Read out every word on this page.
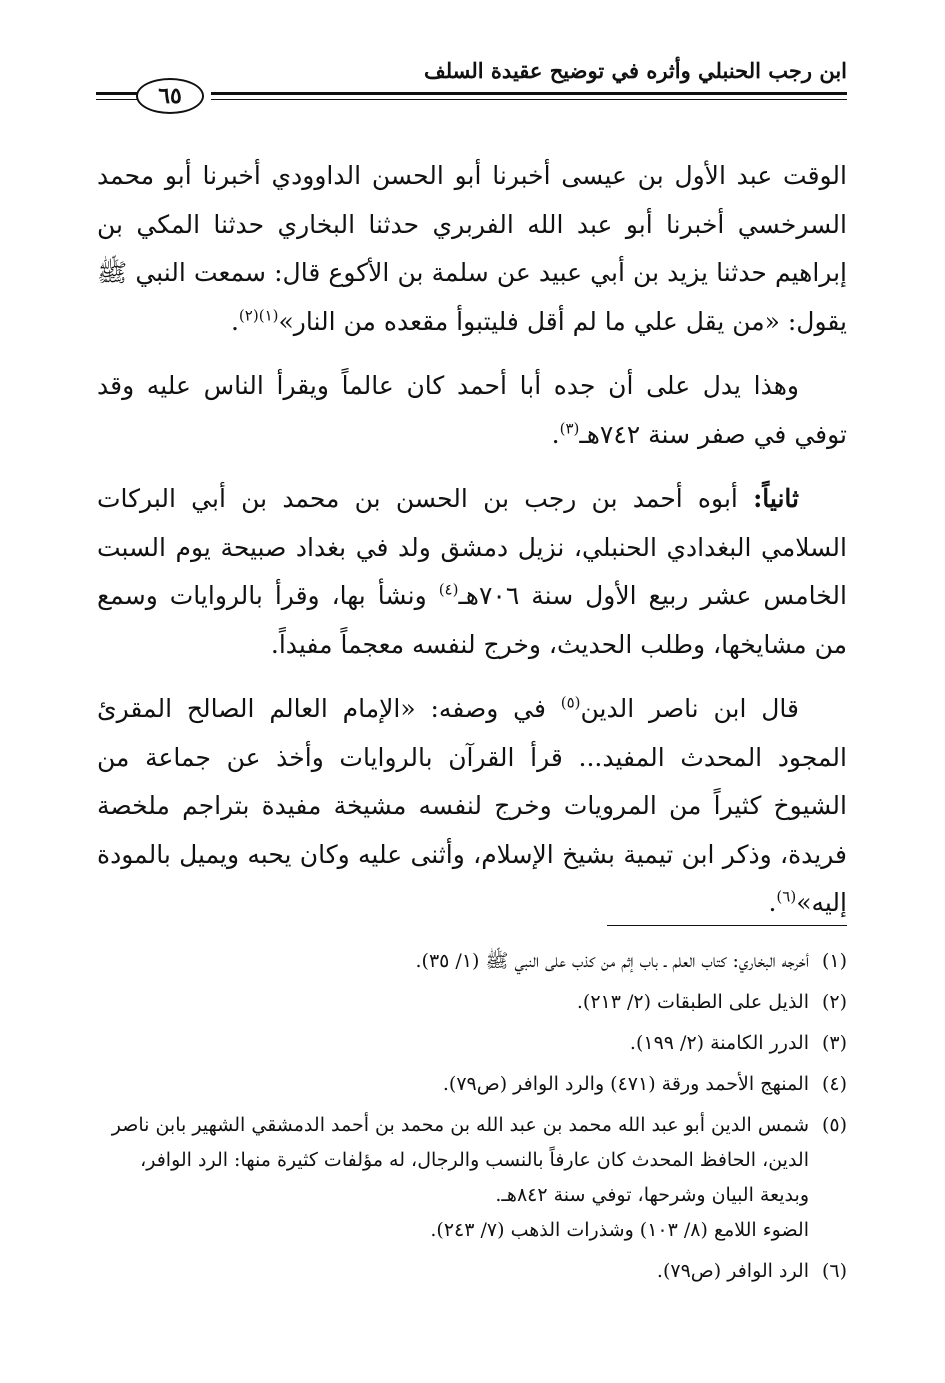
ابن رجب الحنبلي وأثره في توضيح عقيدة السلف
٦٥

الوقت عبد الأول بن عيسى أخبرنا أبو الحسن الداوودي أخبرنا أبو محمد السرخسي أخبرنا أبو عبد الله الفربري حدثنا البخاري حدثنا المكي بن إبراهيم حدثنا يزيد بن أبي عبيد عن سلمة بن الأكوع قال: سمعت النبي ﷺ يقول: «من يقل علي ما لم أقل فليتبوأ مقعده من النار»$^{(١)(٢)}$.

وهذا يدل على أن جده أبا أحمد كان عالماً ويقرأ الناس عليه وقد توفي في صفر سنة ٧٤٢هـ$^{(٣)}$.

ثانياً: أبوه أحمد بن رجب بن الحسن بن محمد بن أبي البركات السلامي البغدادي الحنبلي، نزيل دمشق ولد في بغداد صبيحة يوم السبت الخامس عشر ربيع الأول سنة ٧٠٦هـ$^{(٤)}$ ونشأ بها، وقرأ بالروايات وسمع من مشايخها، وطلب الحديث، وخرج لنفسه معجماً مفيداً.

قال ابن ناصر الدين$^{(٥)}$ في وصفه: «الإمام العالم الصالح المقرئ المجود المحدث المفيد... قرأ القرآن بالروايات وأخذ عن جماعة من الشيوخ كثيراً من المرويات وخرج لنفسه مشيخة مفيدة بتراجم ملخصة فريدة، وذكر ابن تيمية بشيخ الإسلام، وأثنى عليه وكان يحبه ويميل بالمودة إليه»$^{(٦)}$.

(١)
أخرجه البخاري: كتاب العلم ـ باب إثم من كذب على النبي ﷺ (١/ ٣٥).
(٢)
الذيل على الطبقات (٢/ ٢١٣).
(٣)
الدرر الكامنة (٢/ ١٩٩).
(٤)
المنهج الأحمد ورقة (٤٧١) والرد الوافر (ص٧٩).
(٥)
شمس الدين أبو عبد الله محمد بن عبد الله بن محمد بن أحمد الدمشقي الشهير بابن ناصر الدين، الحافظ المحدث كان عارفاً بالنسب والرجال، له مؤلفات كثيرة منها: الرد الوافر، وبديعة البيان وشرحها، توفي سنة ٨٤٢هـ.
الضوء اللامع (٨/ ١٠٣) وشذرات الذهب (٧/ ٢٤٣).
(٦)
الرد الوافر (ص٧٩).
